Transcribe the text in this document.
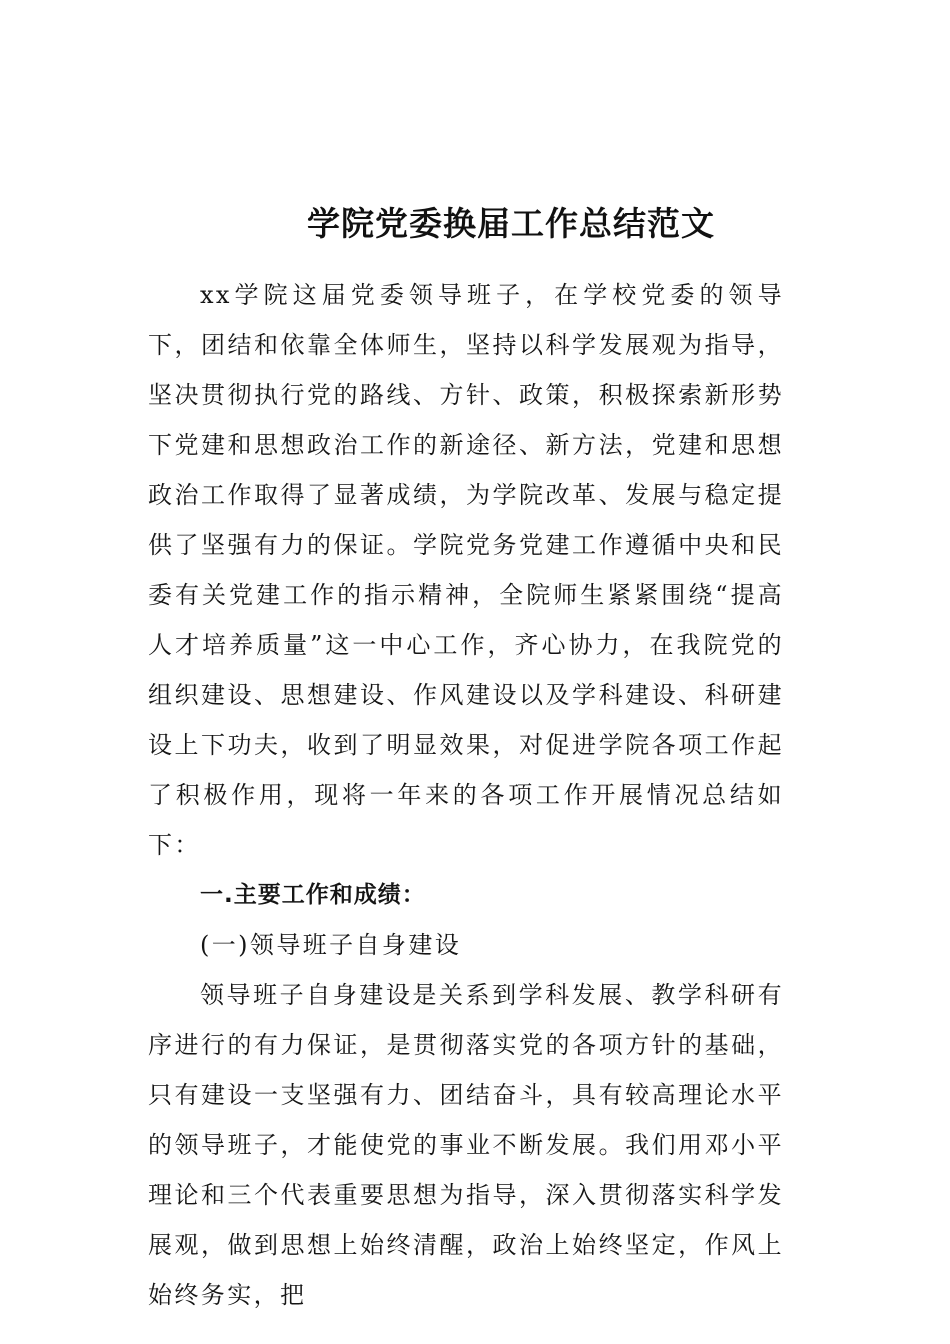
学院党委换届工作总结范文

xx学院这届党委领导班子，在学校党委的领导下，团结和依靠全体师生，坚持以科学发展观为指导，坚决贯彻执行党的路线、方针、政策，积极探索新形势下党建和思想政治工作的新途径、新方法，党建和思想政治工作取得了显著成绩，为学院改革、发展与稳定提供了坚强有力的保证。学院党务党建工作遵循中央和民委有关党建工作的指示精神，全院师生紧紧围绕“提高人才培养质量”这一中心工作，齐心协力，在我院党的组织建设、思想建设、作风建设以及学科建设、科研建设上下功夫，收到了明显效果，对促进学院各项工作起了积极作用，现将一年来的各项工作开展情况总结如下：

一.主要工作和成绩：

(一)领导班子自身建设

领导班子自身建设是关系到学科发展、教学科研有序进行的有力保证，是贯彻落实党的各项方针的基础，只有建设一支坚强有力、团结奋斗，具有较高理论水平的领导班子，才能使党的事业不断发展。我们用邓小平理论和三个代表重要思想为指导，深入贯彻落实科学发展观，做到思想上始终清醒，政治上始终坚定，作风上始终务实，把
